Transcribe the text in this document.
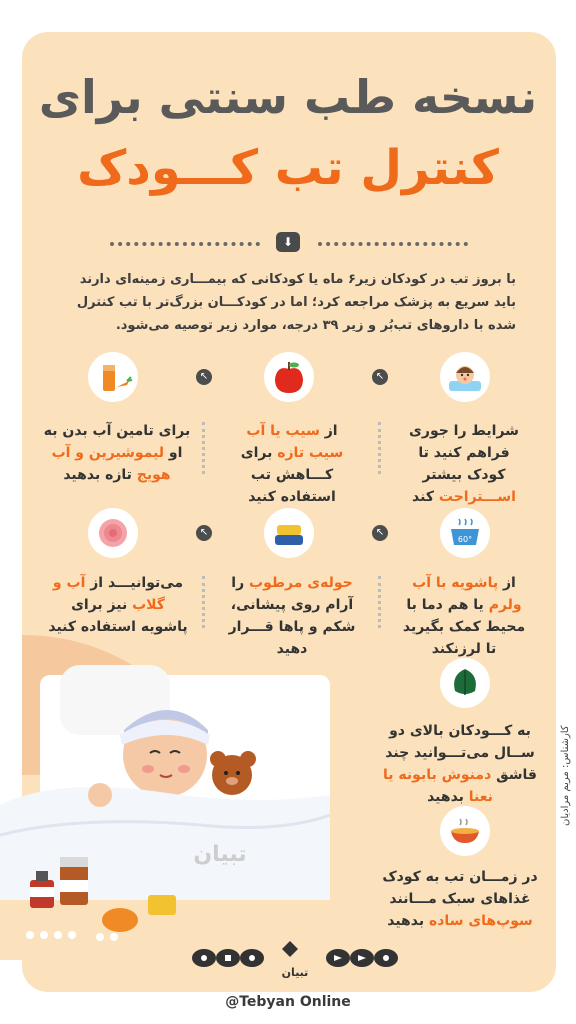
نسخه طب سنتی برای
کنترل تب کـــودک
⬇
با بروز تب در کودکان زیر۶ ماه یا کودکانی که بیمـــاری زمینه‌ای دارند باید سریع به پزشک مراجعه کرد؛ اما در کودکـــان بزرگ‌تر با تب کنترل شده با داروهای تب‌بُر و زیر ۳۹ درجه، موارد زیر توصیه می‌شود.
↖
↖
شرایط را جوری فراهم کنید تا کودک بیشتر اســـتراحت کند
از سیب یا آب سیب تازه برای کـــاهش تب استفاده کنید
برای تامین آب بدن به او لیموشیرین و آب هویج تازه بدهید
60°
↖
↖
از پاشویه با آب ولرم یا هم دما با محیط کمک بگیرید تا لرزنکند
حوله‌ی مرطوب را آرام روی پیشانی، شکم و پاها قـــرار دهید
می‌توانیـــد از آب و گلاب نیز برای پاشویه استفاده کنید
به کـــودکان بالای دو ســال می‌تـــوانید چند قاشق دمنوش بابونه یا نعنا بدهید
در زمـــان تب به کودک غذاهای سبک مـــانند سوپ‌های ساده بدهید
تبیان
کارشناس: مریم مرادیان
تبیان
@Tebyan Online
